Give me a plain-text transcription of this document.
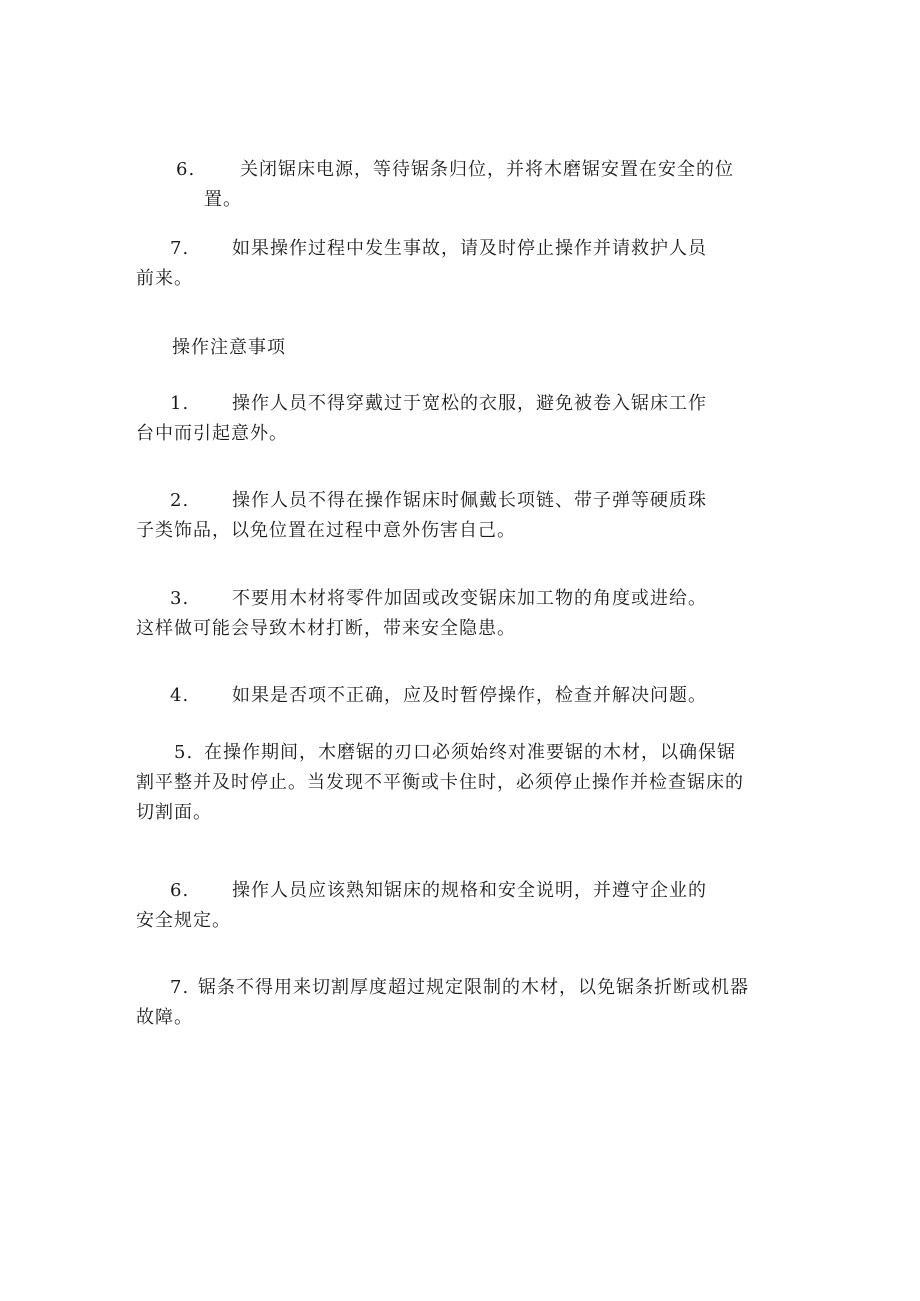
6. 关闭锯床电源，等待锯条归位，并将木磨锯安置在安全的位
置。
7. 如果操作过程中发生事故，请及时停止操作并请救护人员
前来。
操作注意事项
1. 操作人员不得穿戴过于宽松的衣服，避免被卷入锯床工作
台中而引起意外。
2. 操作人员不得在操作锯床时佩戴长项链、带子弹等硬质珠
子类饰品，以免位置在过程中意外伤害自己。
3. 不要用木材将零件加固或改变锯床加工物的角度或进给。
这样做可能会导致木材打断，带来安全隐患。
4. 如果是否项不正确，应及时暂停操作，检查并解决问题。
5. 在操作期间，木磨锯的刃口必须始终对准要锯的木材，以确保锯
割平整并及时停止。当发现不平衡或卡住时，必须停止操作并检查锯床的
切割面。
6. 操作人员应该熟知锯床的规格和安全说明，并遵守企业的
安全规定。
7. 锯条不得用来切割厚度超过规定限制的木材，以免锯条折断或机器
故障。
